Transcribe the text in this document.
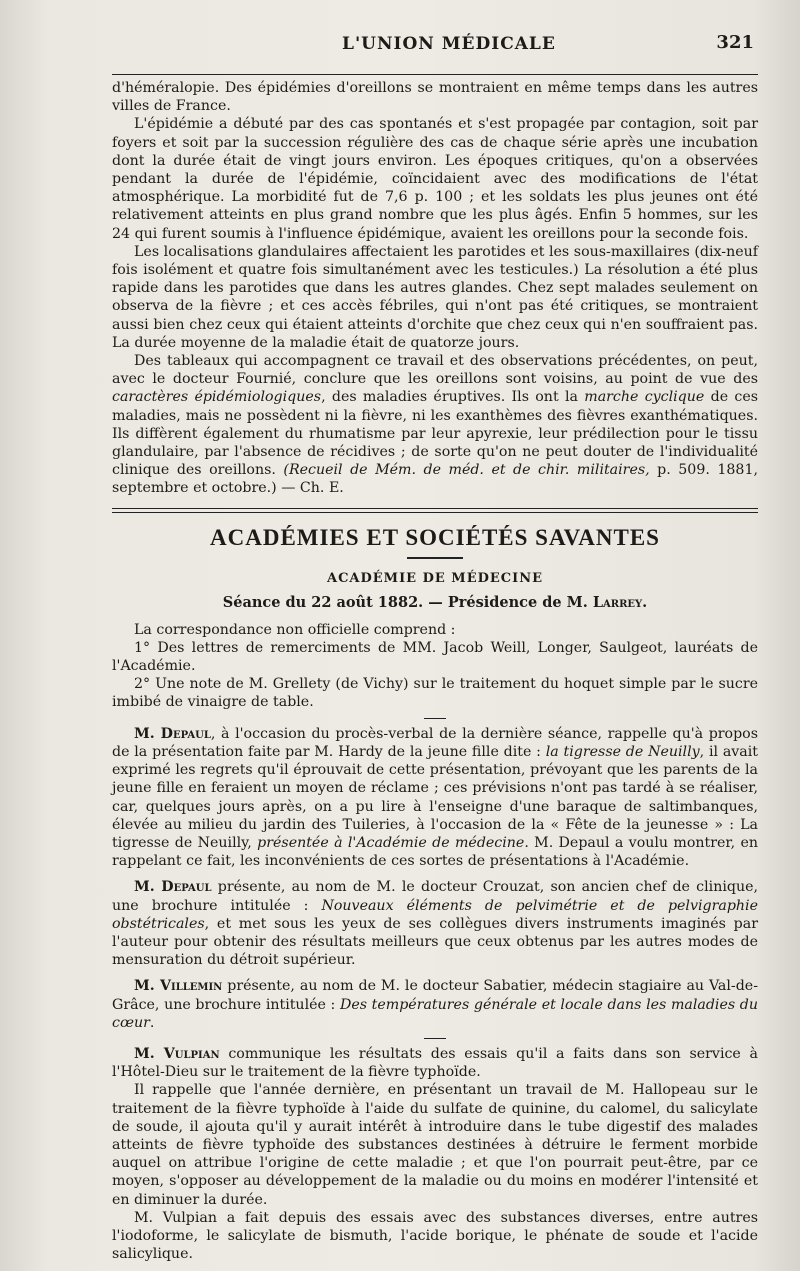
L'UNION MÉDICALE	321

d'héméralopie. Des épidémies d'oreillons se montraient en même temps dans les autres villes de France.

L'épidémie a débuté par des cas spontanés et s'est propagée par contagion, soit par foyers et soit par la succession régulière des cas de chaque série après une incubation dont la durée était de vingt jours environ. Les époques critiques, qu'on a observées pendant la durée de l'épidémie, coïncidaient avec des modifications de l'état atmosphérique. La morbidité fut de 7,6 p. 100 ; et les soldats les plus jeunes ont été relativement atteints en plus grand nombre que les plus âgés. Enfin 5 hommes, sur les 24 qui furent soumis à l'influence épidémique, avaient les oreillons pour la seconde fois.

Les localisations glandulaires affectaient les parotides et les sous-maxillaires (dix-neuf fois isolément et quatre fois simultanément avec les testicules.) La résolution a été plus rapide dans les parotides que dans les autres glandes. Chez sept malades seulement on observa de la fièvre ; et ces accès fébriles, qui n'ont pas été critiques, se montraient aussi bien chez ceux qui étaient atteints d'orchite que chez ceux qui n'en souffraient pas. La durée moyenne de la maladie était de quatorze jours.

Des tableaux qui accompagnent ce travail et des observations précédentes, on peut, avec le docteur Fournié, conclure que les oreillons sont voisins, au point de vue des caractères épidémiologiques, des maladies éruptives. Ils ont la marche cyclique de ces maladies, mais ne possèdent ni la fièvre, ni les exanthèmes des fièvres exanthématiques. Ils diffèrent également du rhumatisme par leur apyrexie, leur prédilection pour le tissu glandulaire, par l'absence de récidives ; de sorte qu'on ne peut douter de l'individualité clinique des oreillons. (Recueil de Mém. de méd. et de chir. militaires, p. 509. 1881, septembre et octobre.) — Ch. E.

ACADÉMIES ET SOCIÉTÉS SAVANTES
ACADÉMIE DE MÉDECINE
Séance du 22 août 1882. — Présidence de M. Larrey.

La correspondance non officielle comprend :

1° Des lettres de remerciments de MM. Jacob Weill, Longer, Saulgeot, lauréats de l'Académie.

2° Une note de M. Grellety (de Vichy) sur le traitement du hoquet simple par le sucre imbibé de vinaigre de table.

M. Depaul, à l'occasion du procès-verbal de la dernière séance, rappelle qu'à propos de la présentation faite par M. Hardy de la jeune fille dite : la tigresse de Neuilly, il avait exprimé les regrets qu'il éprouvait de cette présentation, prévoyant que les parents de la jeune fille en feraient un moyen de réclame ; ces prévisions n'ont pas tardé à se réaliser, car, quelques jours après, on a pu lire à l'enseigne d'une baraque de saltimbanques, élevée au milieu du jardin des Tuileries, à l'occasion de la « Fête de la jeunesse » : La tigresse de Neuilly, présentée à l'Académie de médecine. M. Depaul a voulu montrer, en rappelant ce fait, les inconvénients de ces sortes de présentations à l'Académie.

M. Depaul présente, au nom de M. le docteur Crouzat, son ancien chef de clinique, une brochure intitulée : Nouveaux éléments de pelvimétrie et de pelvigraphie obstétricales, et met sous les yeux de ses collègues divers instruments imaginés par l'auteur pour obtenir des résultats meilleurs que ceux obtenus par les autres modes de mensuration du détroit supérieur.

M. Villemin présente, au nom de M. le docteur Sabatier, médecin stagiaire au Val-de-Grâce, une brochure intitulée : Des températures générale et locale dans les maladies du cœur.

M. Vulpian communique les résultats des essais qu'il a faits dans son service à l'Hôtel-Dieu sur le traitement de la fièvre typhoïde.

Il rappelle que l'année dernière, en présentant un travail de M. Hallopeau sur le traitement de la fièvre typhoïde à l'aide du sulfate de quinine, du calomel, du salicylate de soude, il ajouta qu'il y aurait intérêt à introduire dans le tube digestif des malades atteints de fièvre typhoïde des substances destinées à détruire le ferment morbide auquel on attribue l'origine de cette maladie ; et que l'on pourrait peut-être, par ce moyen, s'opposer au développement de la maladie ou du moins en modérer l'intensité et en diminuer la durée.

M. Vulpian a fait depuis des essais avec des substances diverses, entre autres l'iodoforme, le salicylate de bismuth, l'acide borique, le phénate de soude et l'acide salicylique.
